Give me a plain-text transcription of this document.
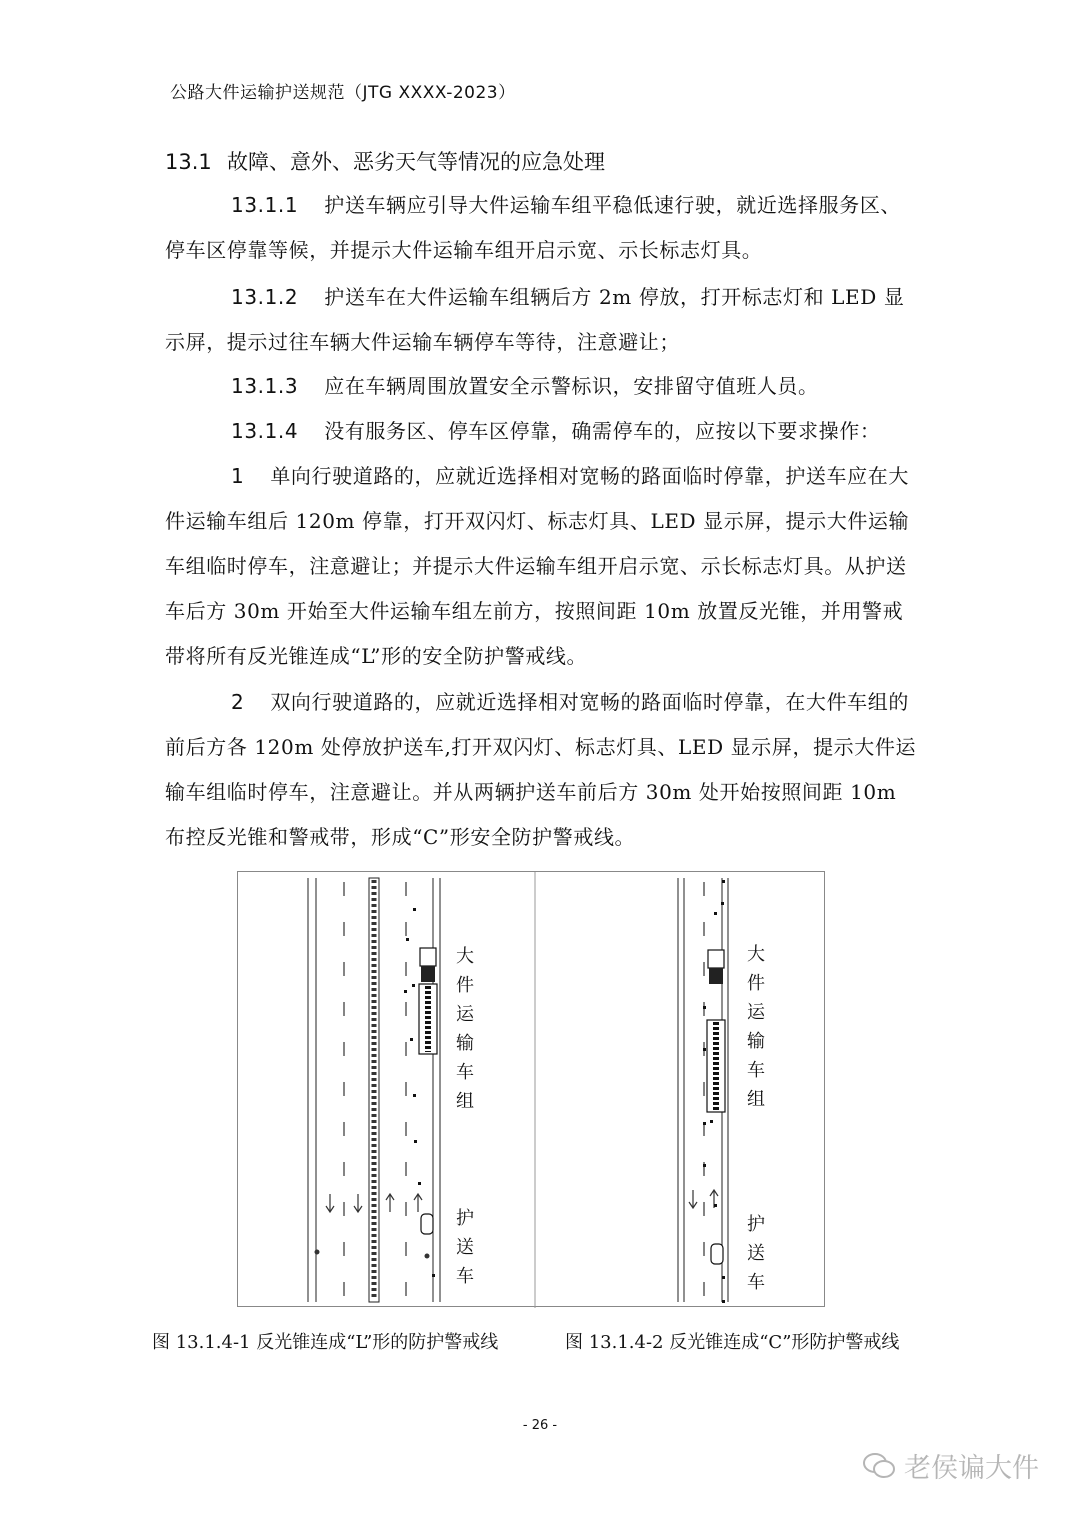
公路大件运输护送规范（JTG XXXX-2023）
13.1 故障、意外、恶劣天气等情况的应急处理

13.1.1 护送车辆应引导大件运输车组平稳低速行驶，就近选择服务区、停车区停靠等候，并提示大件运输车组开启示宽、示长标志灯具。

13.1.2 护送车在大件运输车组辆后方 2m 停放，打开标志灯和 LED 显示屏，提示过往车辆大件运输车辆停车等待，注意避让；

13.1.3 应在车辆周围放置安全示警标识，安排留守值班人员。

13.1.4 没有服务区、停车区停靠，确需停车的，应按以下要求操作：

1 单向行驶道路的，应就近选择相对宽畅的路面临时停靠，护送车应在大件运输车组后 120m 停靠，打开双闪灯、标志灯具、LED 显示屏，提示大件运输车组临时停车，注意避让；并提示大件运输车组开启示宽、示长标志灯具。从护送车后方 30m 开始至大件运输车组左前方，按照间距 10m 放置反光锥，并用警戒带将所有反光锥连成“L”形的安全防护警戒线。

2 双向行驶道路的，应就近选择相对宽畅的路面临时停靠，在大件车组的前后方各 120m 处停放护送车,打开双闪灯、标志灯具、LED 显示屏，提示大件运输车组临时停车，注意避让。并从两辆护送车前后方 30m 处开始按照间距 10m 布控反光锥和警戒带，形成“C”形安全防护警戒线。

大件运输车组
护送车
大件运输车组
护送车
图 13.1.4-1 反光锥连成“L”形的防护警戒线	图 13.1.4-2 反光锥连成“C”形防护警戒线
- 26 -
老侯谝大件
